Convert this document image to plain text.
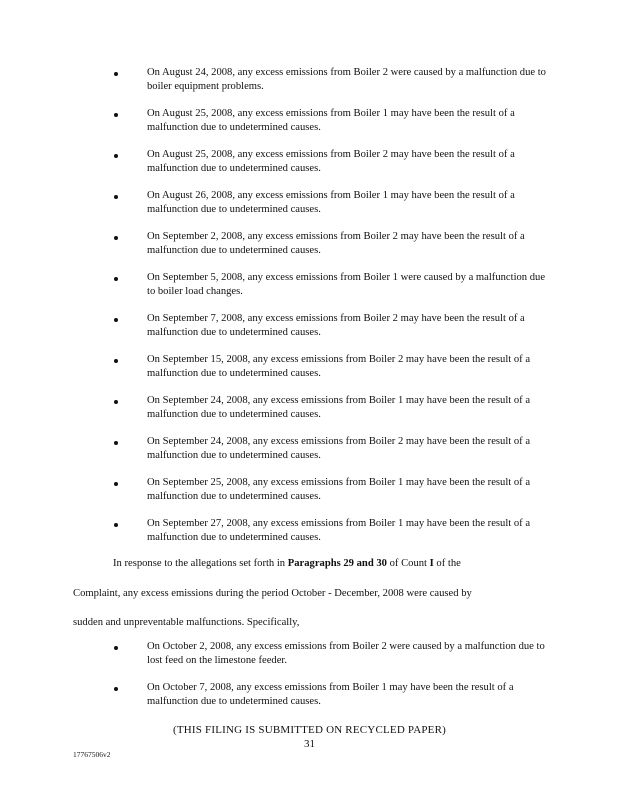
On August 24, 2008, any excess emissions from Boiler 2 were caused by a malfunction due to boiler equipment problems.
On August 25, 2008, any excess emissions from Boiler 1 may have been the result of a malfunction due to undetermined causes.
On August 25, 2008, any excess emissions from Boiler 2 may have been the result of a malfunction due to undetermined causes.
On August 26, 2008, any excess emissions from Boiler 1 may have been the result of a malfunction due to undetermined causes.
On September 2, 2008, any excess emissions from Boiler 2 may have been the result of a malfunction due to undetermined causes.
On September 5, 2008, any excess emissions from Boiler 1 were caused by a malfunction due to boiler load changes.
On September 7, 2008, any excess emissions from Boiler 2 may have been the result of a malfunction due to undetermined causes.
On September 15, 2008, any excess emissions from Boiler 2 may have been the result of a malfunction due to undetermined causes.
On September 24, 2008, any excess emissions from Boiler 1 may have been the result of a malfunction due to undetermined causes.
On September 24, 2008, any excess emissions from Boiler 2 may have been the result of a malfunction due to undetermined causes.
On September 25, 2008, any excess emissions from Boiler 1 may have been the result of a malfunction due to undetermined causes.
On September 27, 2008, any excess emissions from Boiler 1 may have been the result of a malfunction due to undetermined causes.
In response to the allegations set forth in Paragraphs 29 and 30 of Count I of the
Complaint, any excess emissions during the period October - December, 2008 were caused by
sudden and unpreventable malfunctions. Specifically,
On October 2, 2008, any excess emissions from Boiler 2 were caused by a malfunction due to lost feed on the limestone feeder.
On October 7, 2008, any excess emissions from Boiler 1 may have been the result of a malfunction due to undetermined causes.
(THIS FILING IS SUBMITTED ON RECYCLED PAPER)
31
17767506v2
